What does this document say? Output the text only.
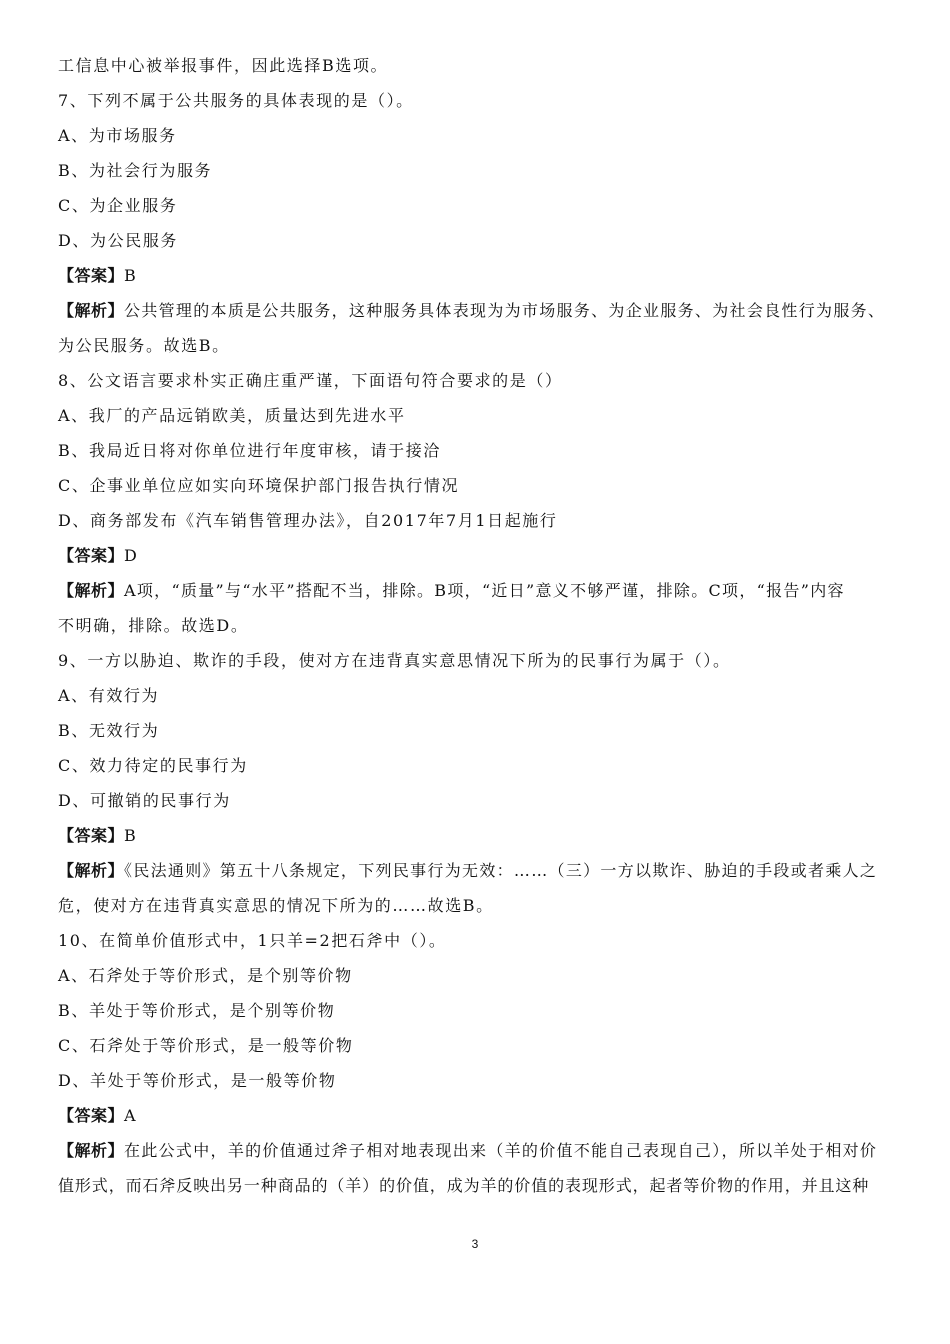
工信息中心被举报事件，因此选择B选项。
7、下列不属于公共服务的具体表现的是（）。
A、为市场服务
B、为社会行为服务
C、为企业服务
D、为公民服务
【答案】B
【解析】公共管理的本质是公共服务，这种服务具体表现为为市场服务、为企业服务、为社会良性行为服务、
为公民服务。故选B。
8、公文语言要求朴实正确庄重严谨，下面语句符合要求的是（）
A、我厂的产品远销欧美，质量达到先进水平
B、我局近日将对你单位进行年度审核，请于接洽
C、企事业单位应如实向环境保护部门报告执行情况
D、商务部发布《汽车销售管理办法》，自2017年7月1日起施行
【答案】D
【解析】A项，“质量”与“水平”搭配不当，排除。B项，“近日”意义不够严谨，排除。C项，“报告”内容
不明确，排除。故选D。
9、一方以胁迫、欺诈的手段，使对方在违背真实意思情况下所为的民事行为属于（）。
A、有效行为
B、无效行为
C、效力待定的民事行为
D、可撤销的民事行为
【答案】B
【解析】《民法通则》第五十八条规定，下列民事行为无效：……（三）一方以欺诈、胁迫的手段或者乘人之
危，使对方在违背真实意思的情况下所为的……故选B。
10、在简单价值形式中，1只羊=2把石斧中（）。
A、石斧处于等价形式，是个别等价物
B、羊处于等价形式，是个别等价物
C、石斧处于等价形式，是一般等价物
D、羊处于等价形式，是一般等价物
【答案】A
【解析】在此公式中，羊的价值通过斧子相对地表现出来（羊的价值不能自己表现自己），所以羊处于相对价
值形式，而石斧反映出另一种商品的（羊）的价值，成为羊的价值的表现形式，起者等价物的作用，并且这种
3
